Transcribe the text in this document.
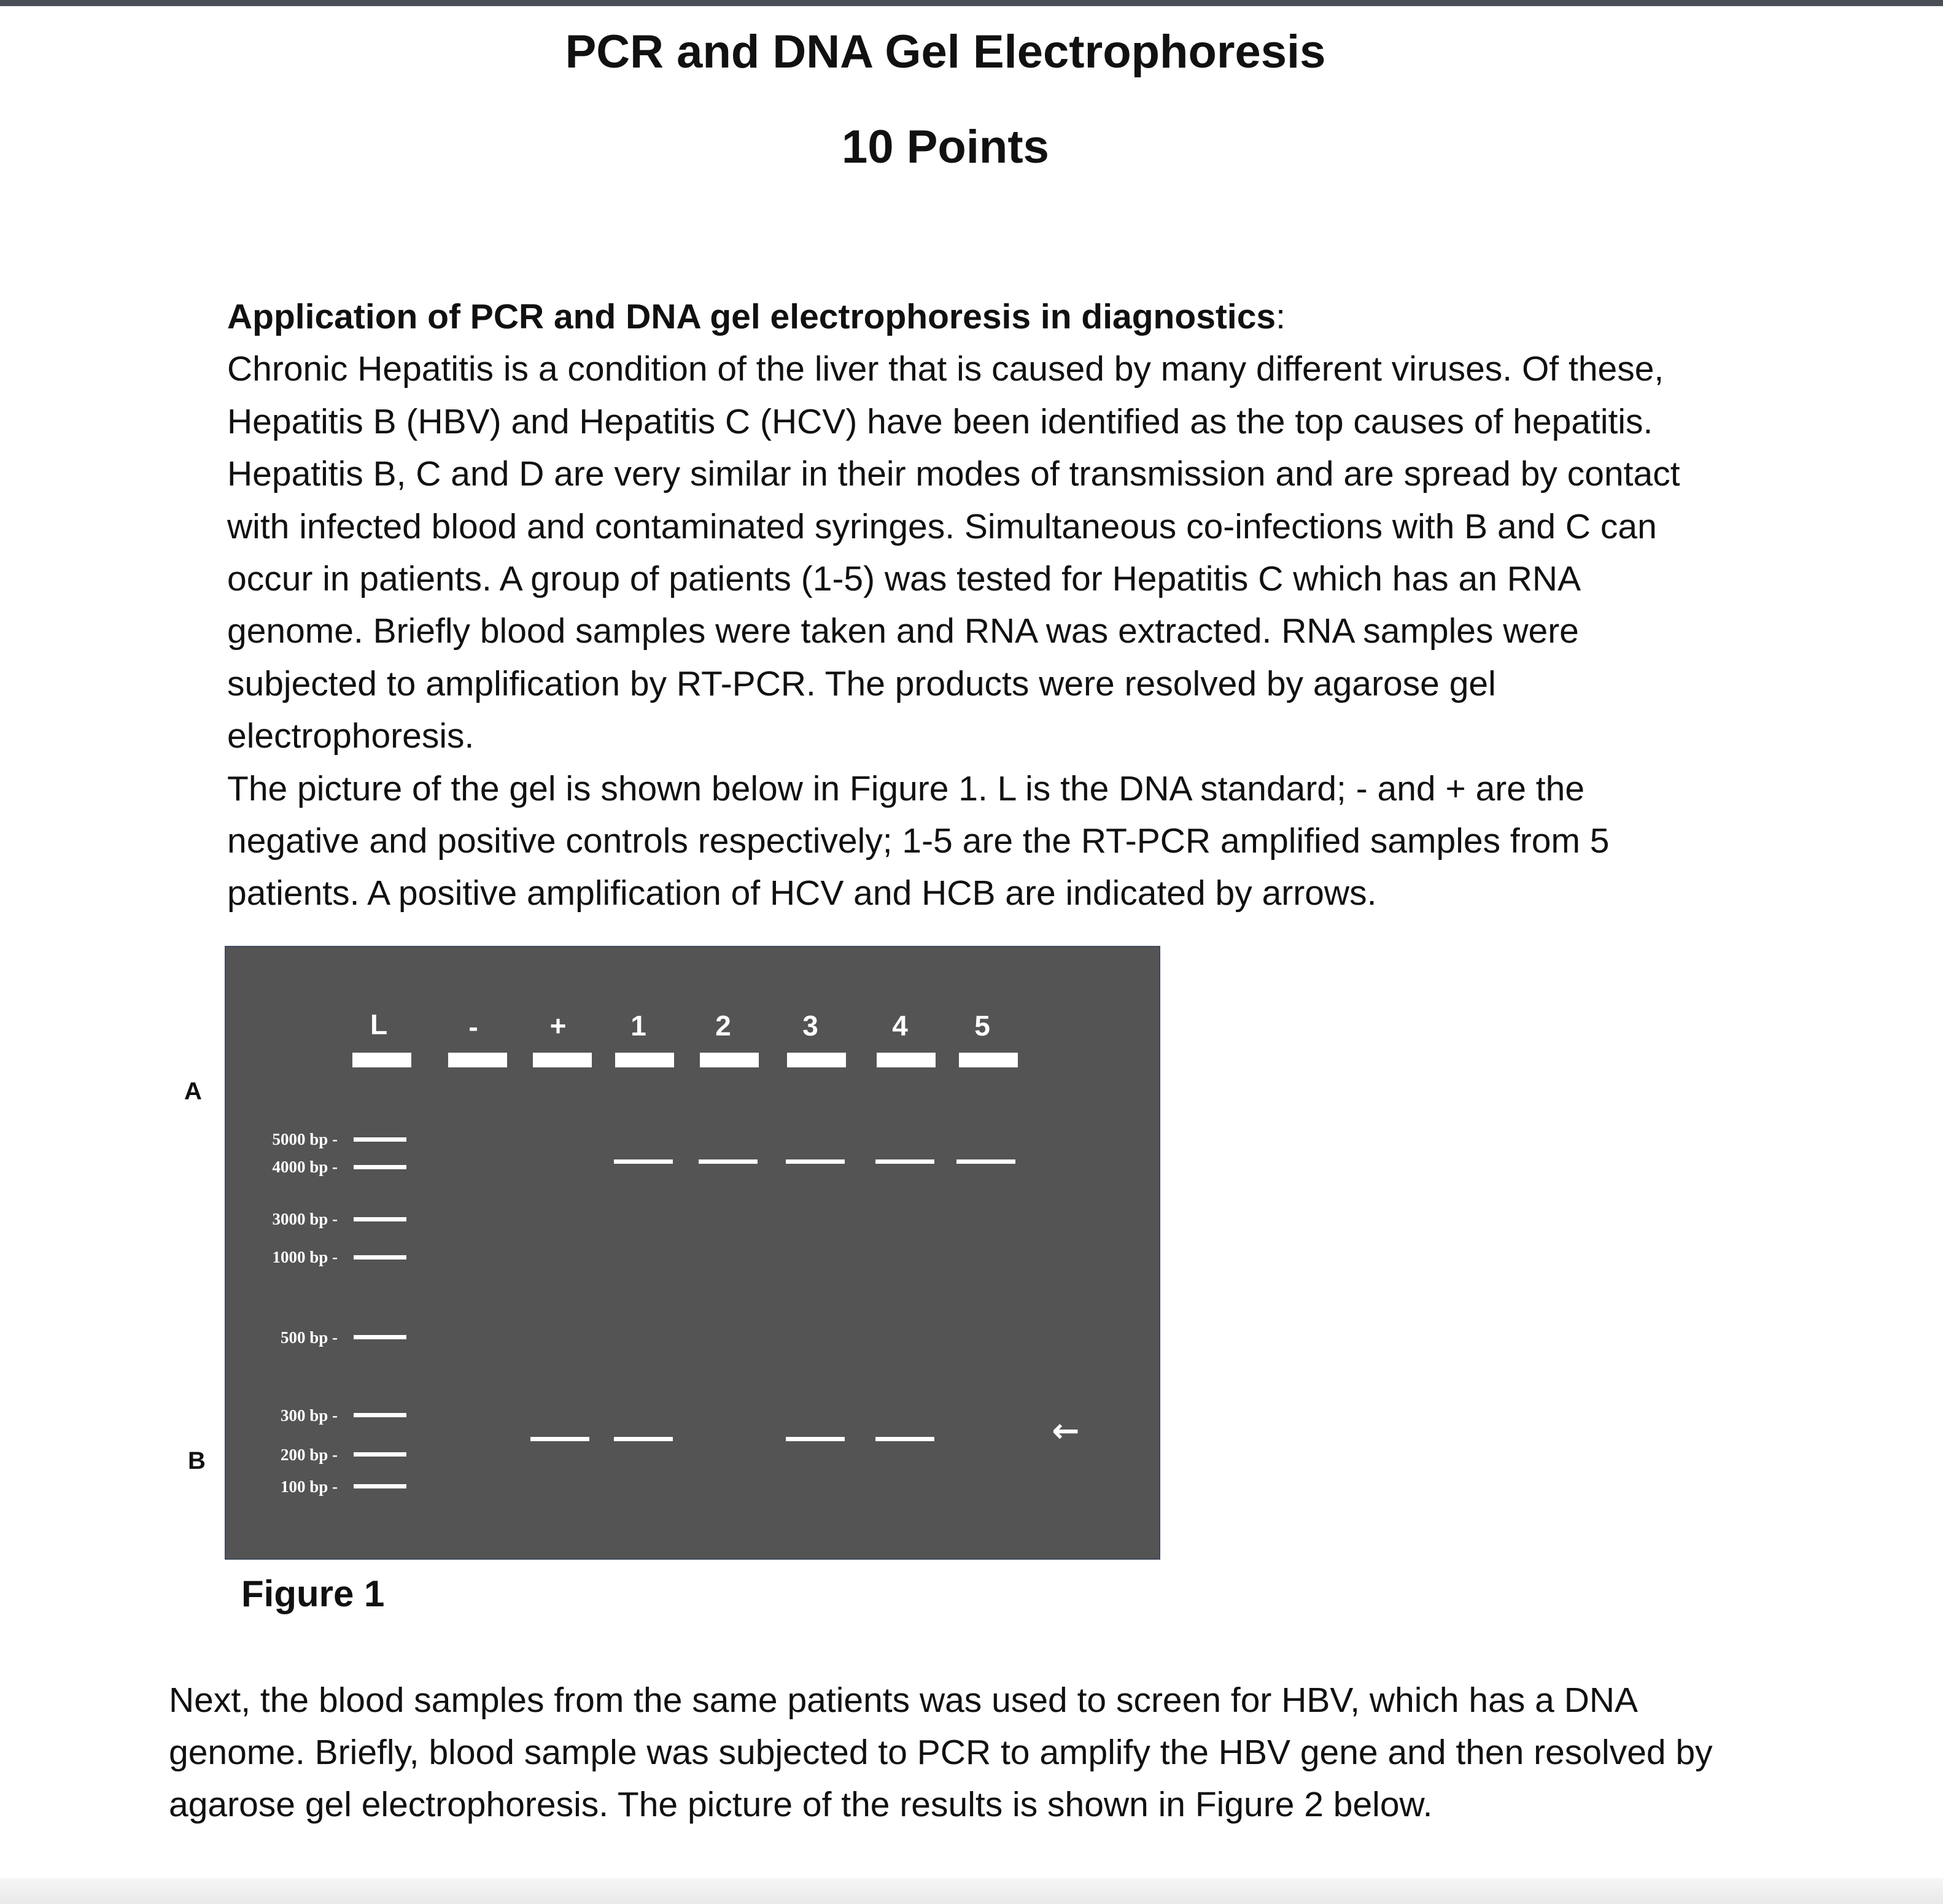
PCR and DNA Gel Electrophoresis
10 Points

Application of PCR and DNA gel electrophoresis in diagnostics:

Chronic Hepatitis is a condition of the liver that is caused by many different viruses. Of these, Hepatitis B (HBV) and Hepatitis C (HCV) have been identified as the top causes of hepatitis. Hepatitis B, C and D are very similar in their modes of transmission and are spread by contact with infected blood and contaminated syringes. Simultaneous co-infections with B and C can occur in patients. A group of patients (1-5) was tested for Hepatitis C which has an RNA genome. Briefly blood samples were taken and RNA was extracted. RNA samples were subjected to amplification by RT-PCR. The products were resolved by agarose gel electrophoresis.

The picture of the gel is shown below in Figure 1. L is the DNA standard; - and + are the negative and positive controls respectively; 1-5 are the RT-PCR amplified samples from 5 patients. A positive amplification of HCV and HCB are indicated by arrows.

A
B
L	-	+ 1 2	3	4 5
5000 bp -
4000 bp -
3000 bp -
1000 bp -
500 bp -
300 bp -
200 bp -
100 bp -
←
Figure 1
Next, the blood samples from the same patients was used to screen for HBV, which has a DNA genome. Briefly, blood sample was subjected to PCR to amplify the HBV gene and then resolved by agarose gel electrophoresis. The picture of the results is shown in Figure 2 below.
